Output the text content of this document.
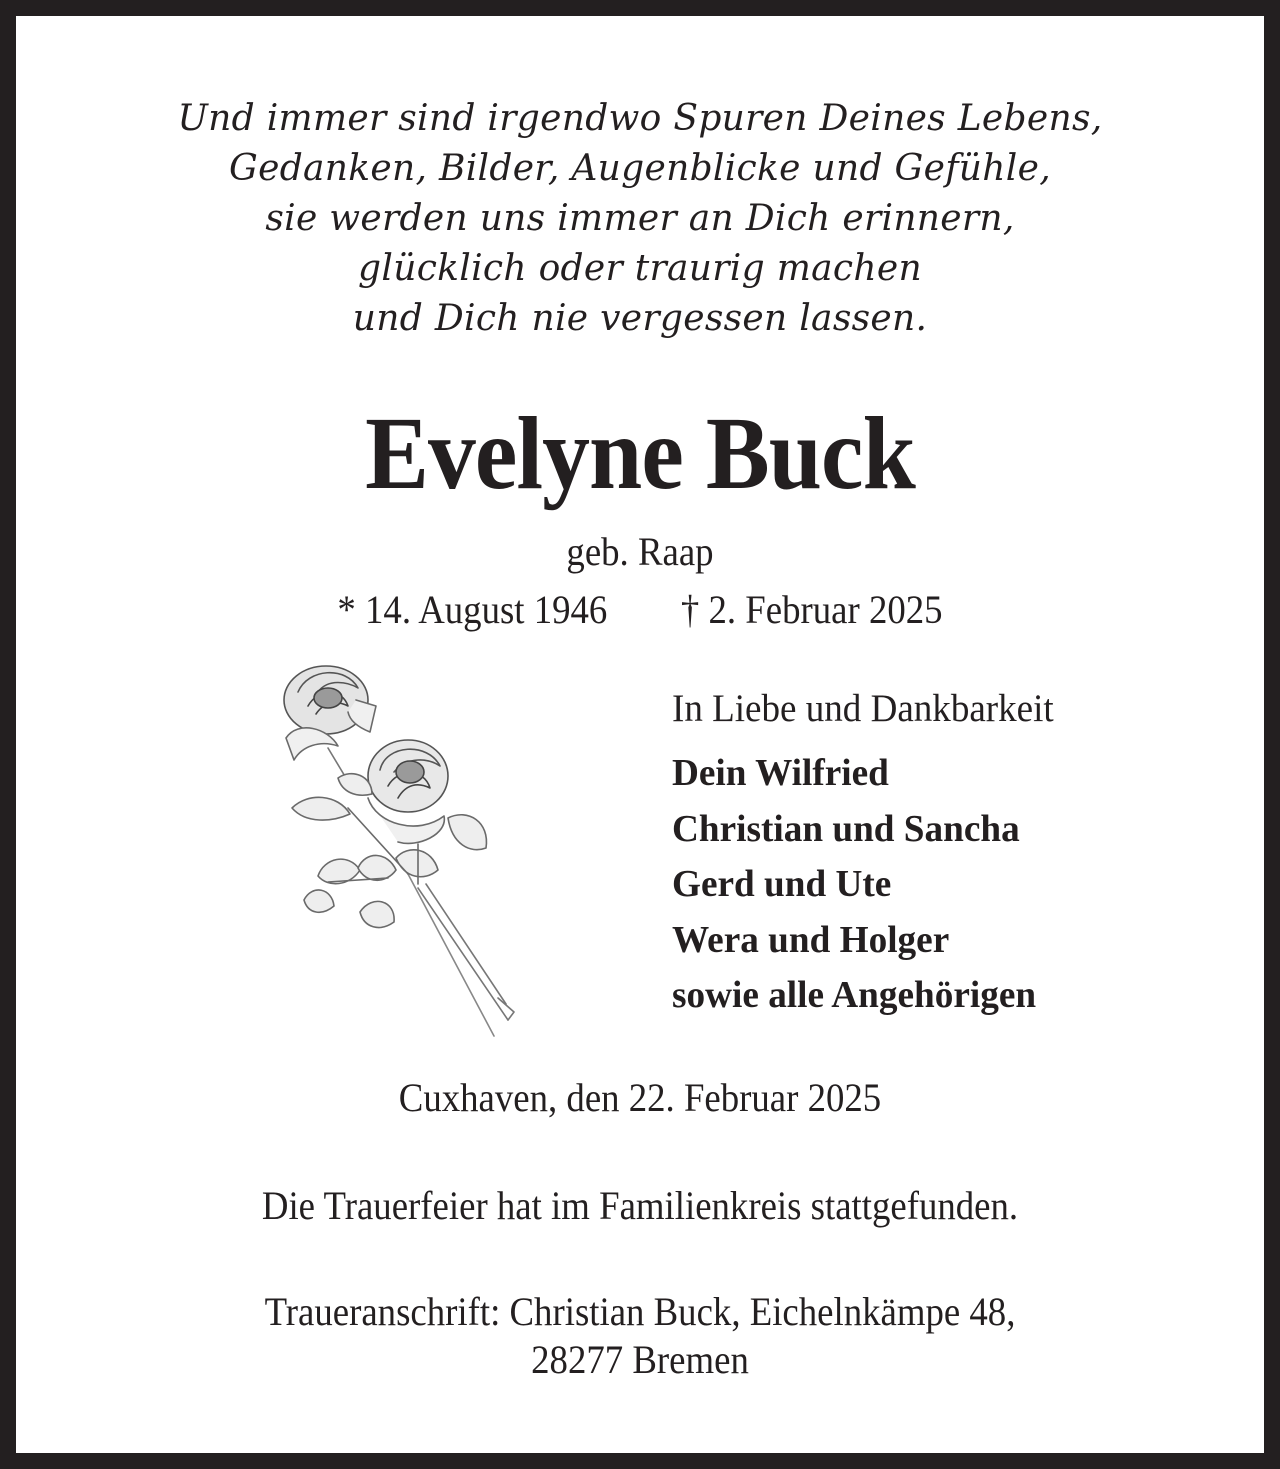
Und immer sind irgendwo Spuren Deines Lebens,
Gedanken, Bilder, Augenblicke und Gefühle,
sie werden uns immer an Dich erinnern,
glücklich oder traurig machen
und Dich nie vergessen lassen.
Evelyne Buck
geb. Raap
* 14. August 1946 † 2. Februar 2025
In Liebe und Dankbarkeit
Dein Wilfried
Christian und Sancha
Gerd und Ute
Wera und Holger
sowie alle Angehörigen
Cuxhaven, den 22. Februar 2025
Die Trauerfeier hat im Familienkreis stattgefunden.
Traueranschrift: Christian Buck, Eichelnkämpe 48,
28277 Bremen
